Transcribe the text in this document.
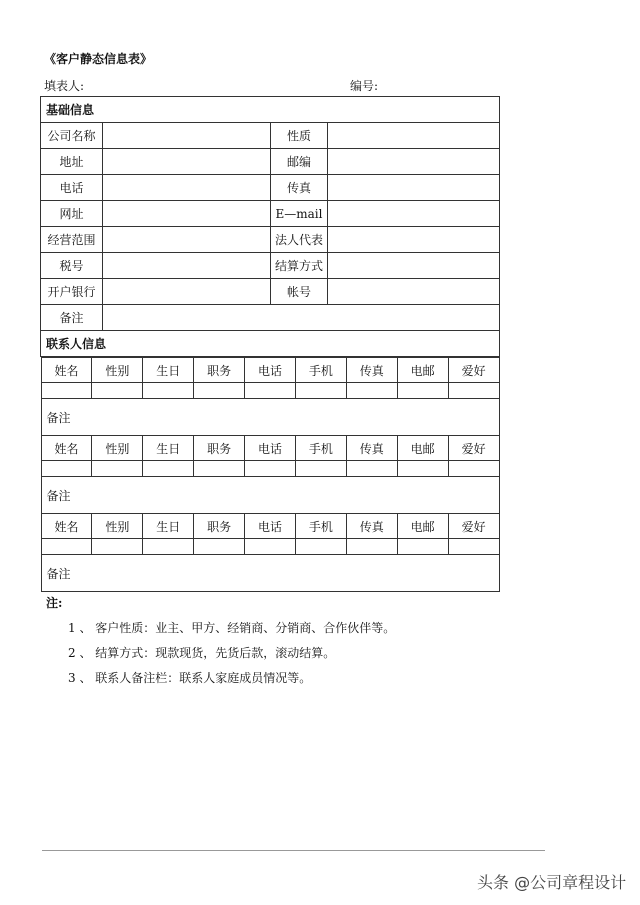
《客户静态信息表》
填表人:	编号:
基础信息
公司名称		性质	
地址		邮编	
电话		传真	
网址		E—mail	
经营范围		法人代表	
税号		结算方式	
开户银行		帐号	
备注	
联系人信息

姓名	性别	生日	职务	电话	手机	传真	电邮	爱好

备注
姓名	性别	生日	职务	电话	手机	传真	电邮	爱好

备注
姓名	性别	生日	职务	电话	手机	传真	电邮	爱好

备注
注:
1 、 客户性质：业主、甲方、经销商、分销商、合作伙伴等。
2 、 结算方式：现款现货，先货后款，滚动结算。
3 、 联系人备注栏：联系人家庭成员情况等。
头条 @公司章程设计
